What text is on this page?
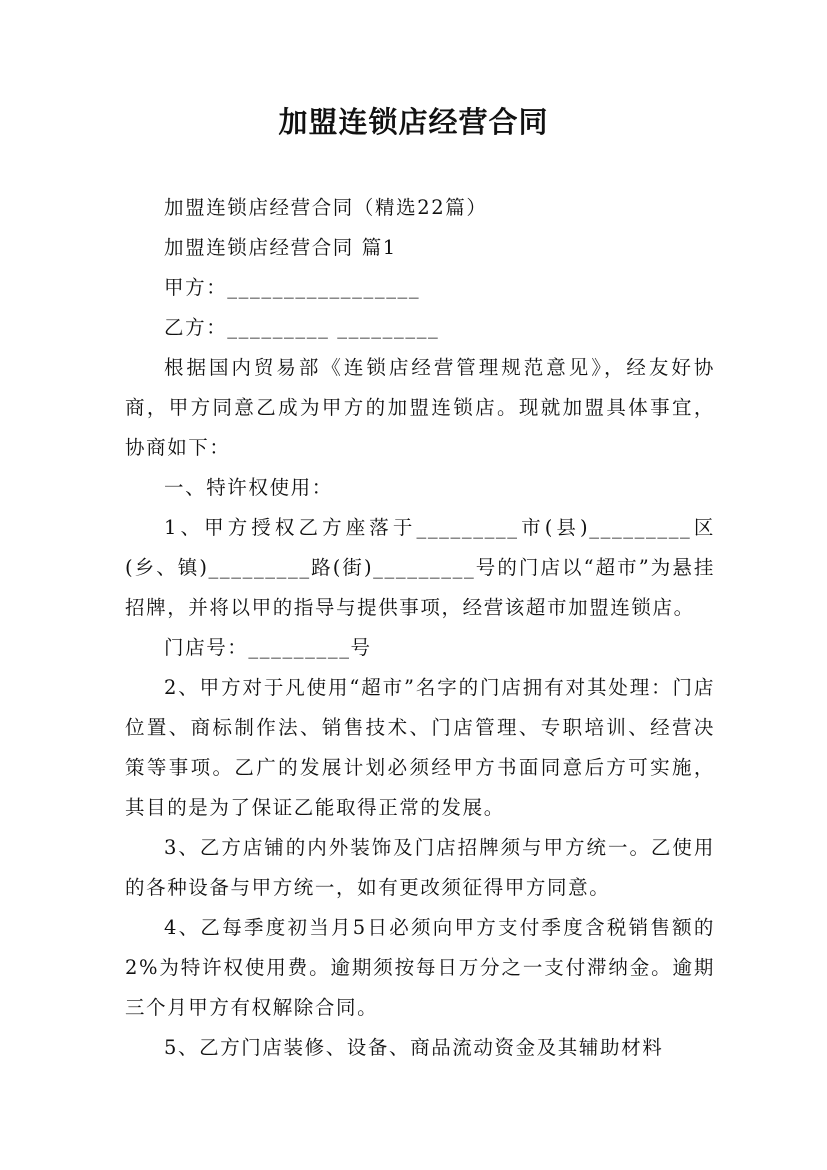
加盟连锁店经营合同

加盟连锁店经营合同（精选22篇）

加盟连锁店经营合同 篇1

甲方：_________________

乙方：_________ _________

根据国内贸易部《连锁店经营管理规范意见》，经友好协商，甲方同意乙成为甲方的加盟连锁店。现就加盟具体事宜，协商如下：

一、特许权使用：

1、甲方授权乙方座落于_________市(县)_________区(乡、镇)_________路(街)_________号的门店以“超市”为悬挂招牌，并将以甲的指导与提供事项，经营该超市加盟连锁店。

门店号：_________号

2、甲方对于凡使用“超市”名字的门店拥有对其处理：门店位置、商标制作法、销售技术、门店管理、专职培训、经营决策等事项。乙广的发展计划必须经甲方书面同意后方可实施，其目的是为了保证乙能取得正常的发展。

3、乙方店铺的内外装饰及门店招牌须与甲方统一。乙使用的各种设备与甲方统一，如有更改须征得甲方同意。

4、乙每季度初当月5日必须向甲方支付季度含税销售额的2%为特许权使用费。逾期须按每日万分之一支付滞纳金。逾期三个月甲方有权解除合同。

5、乙方门店装修、设备、商品流动资金及其辅助材料
